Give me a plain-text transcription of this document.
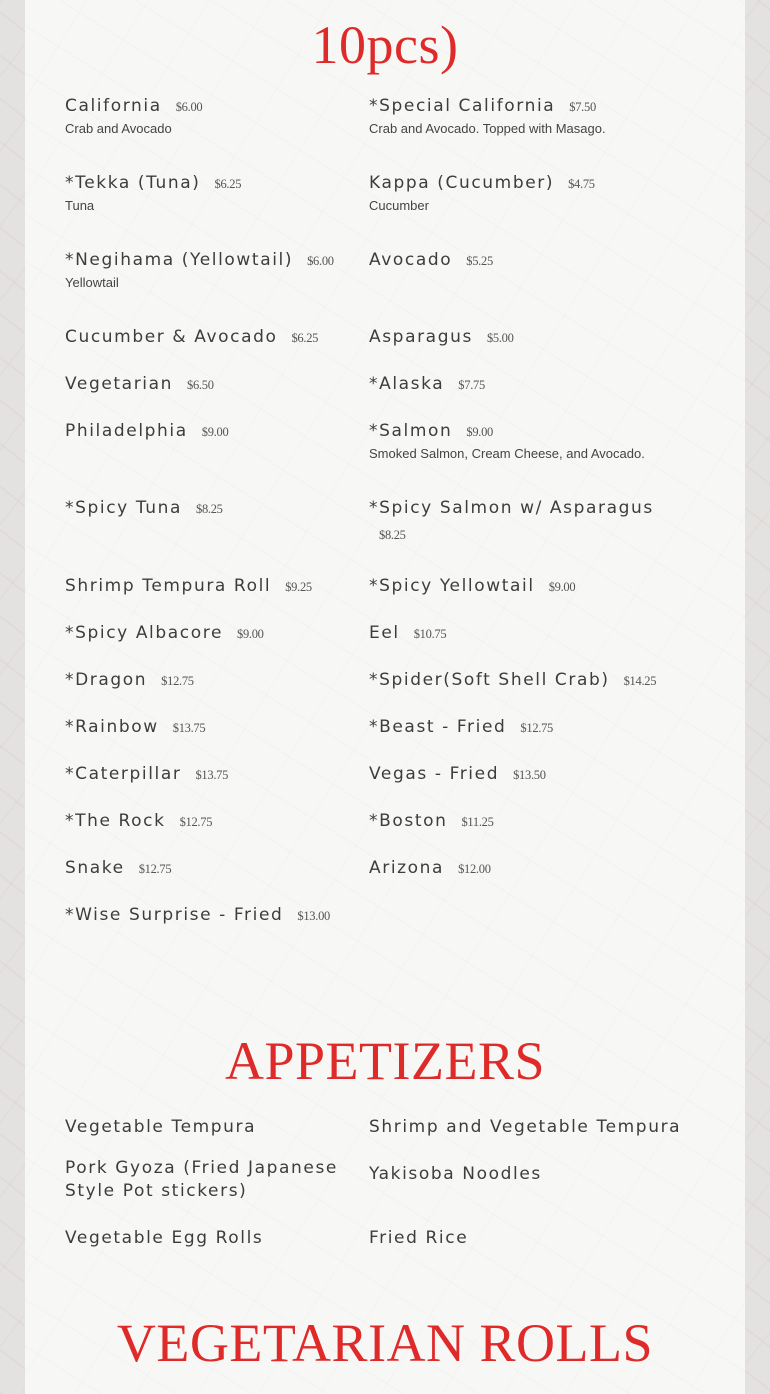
10pcs)
California $6.00
Crab and Avocado
*Special California $7.50
Crab and Avocado. Topped with Masago.
*Tekka (Tuna) $6.25
Tuna
Kappa (Cucumber) $4.75
Cucumber
*Negihama (Yellowtail) $6.00
Yellowtail
Avocado $5.25
Cucumber & Avocado $6.25	Asparagus $5.00
Vegetarian $6.50	*Alaska $7.75
Philadelphia $9.00	*Salmon $9.00
Smoked Salmon, Cream Cheese, and Avocado.
*Spicy Tuna $8.25	*Spicy Salmon w/ Asparagus
$8.25
Shrimp Tempura Roll $9.25	*Spicy Yellowtail $9.00
*Spicy Albacore $9.00	Eel $10.75
*Dragon $12.75	*Spider(Soft Shell Crab) $14.25
*Rainbow $13.75	*Beast - Fried $12.75
*Caterpillar $13.75	Vegas - Fried $13.50
*The Rock $12.75	*Boston $11.25
Snake $12.75	Arizona $12.00
*Wise Surprise - Fried $13.00
APPETIZERS
Vegetable Tempura	Shrimp and Vegetable Tempura
Pork Gyoza (Fried Japanese Style Pot stickers)
Yakisoba Noodles
Vegetable Egg Rolls	Fried Rice
VEGETARIAN ROLLS
